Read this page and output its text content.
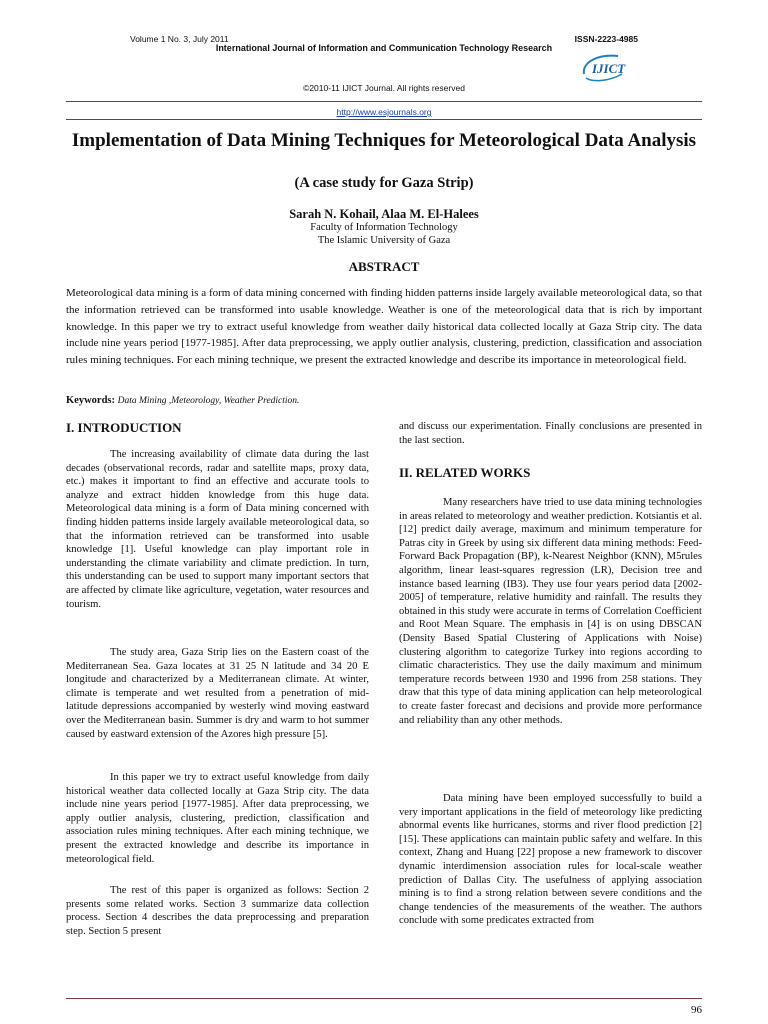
Volume 1 No. 3, July 2011	ISSN-2223-4985
International Journal of Information and Communication Technology Research
IJICT
©2010-11 IJICT Journal. All rights reserved
http://www.esjournals.org
Implementation of Data Mining Techniques for Meteorological Data Analysis
(A case study for Gaza Strip)
Sarah N. Kohail, Alaa M. El-Halees
Faculty of Information Technology
The Islamic University of Gaza
ABSTRACT

Meteorological data mining is a form of data mining concerned with finding hidden patterns inside largely available meteorological data, so that the information retrieved can be transformed into usable knowledge. Weather is one of the meteorological data that is rich by important knowledge. In this paper we try to extract useful knowledge from weather daily historical data collected locally at Gaza Strip city. The data include nine years period [1977-1985]. After data preprocessing, we apply outlier analysis, clustering, prediction, classification and association rules mining techniques. For each mining technique, we present the extracted knowledge and describe its importance in meteorological field.

Keywords: Data Mining ,Meteorology, Weather Prediction.
I. INTRODUCTION

The increasing availability of climate data during the last decades (observational records, radar and satellite maps, proxy data, etc.) makes it important to find an effective and accurate tools to analyze and extract hidden knowledge from this huge data. Meteorological data mining is a form of Data mining concerned with finding hidden patterns inside largely available meteorological data, so that the information retrieved can be transformed into usable knowledge [1]. Useful knowledge can play important role in understanding the climate variability and climate prediction. In turn, this understanding can be used to support many important sectors that are affected by climate like agriculture, vegetation, water resources and tourism.

The study area, Gaza Strip lies on the Eastern coast of the Mediterranean Sea. Gaza locates at 31 25 N latitude and 34 20 E longitude and characterized by a Mediterranean climate. At winter, climate is temperate and wet resulted from a penetration of mid-latitude depressions accompanied by westerly wind moving eastward over the Mediterranean basin. Summer is dry and warm to hot summer caused by eastward extension of the Azores high pressure [5].

In this paper we try to extract useful knowledge from daily historical weather data collected locally at Gaza Strip city. The data include nine years period [1977-1985]. After data preprocessing, we apply outlier analysis, clustering, prediction, classification and association rules mining techniques. After each mining technique, we present the extracted knowledge and describe its importance in meteorological field.

The rest of this paper is organized as follows: Section 2 presents some related works. Section 3 summarize data collection process. Section 4 describes the data preprocessing and preparation step. Section 5 present

and discuss our experimentation. Finally conclusions are presented in the last section.

II. RELATED WORKS

Many researchers have tried to use data mining technologies in areas related to meteorology and weather prediction. Kotsiantis et al. [12] predict daily average, maximum and minimum temperature for Patras city in Greek by using six different data mining methods: Feed-Forward Back Propagation (BP), k-Nearest Neighbor (KNN), M5rules algorithm, linear least-squares regression (LR), Decision tree and instance based learning (IB3). They use four years period data [2002-2005] of temperature, relative humidity and rainfall. The results they obtained in this study were accurate in terms of Correlation Coefficient and Root Mean Square. The emphasis in [4] is on using DBSCAN (Density Based Spatial Clustering of Applications with Noise) clustering algorithm to categorize Turkey into regions according to climatic characteristics. They use the daily maximum and minimum temperature records between 1930 and 1996 from 258 stations. They draw that this type of data mining application can help meteorological to create faster forecast and decisions and provide more performance and reliability than any other methods.

Data mining have been employed successfully to build a very important applications in the field of meteorology like predicting abnormal events like hurricanes, storms and river flood prediction [2][15]. These applications can maintain public safety and welfare. In this context, Zhang and Huang [22] propose a new framework to discover dynamic interdimension association rules for local-scale weather prediction of Dallas City. The usefulness of applying association mining is to find a strong relation between severe conditions and the change tendencies of the measurements of the weather. The authors conclude with some predicates extracted from

96
